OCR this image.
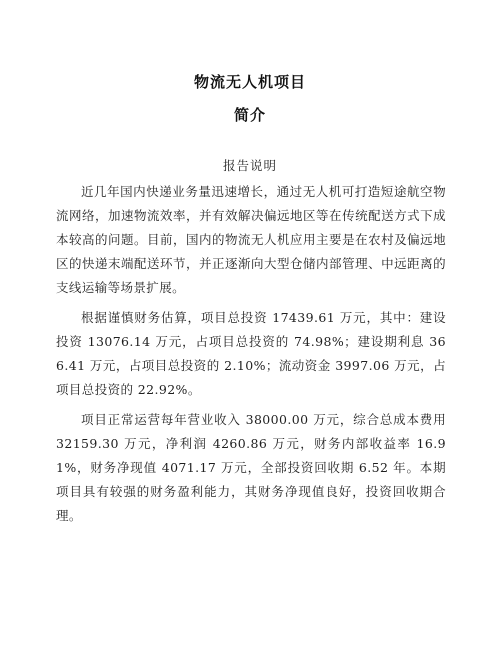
物流无人机项目
简介
报告说明

近几年国内快递业务量迅速增长，通过无人机可打造短途航空物流网络，加速物流效率，并有效解决偏远地区等在传统配送方式下成本较高的问题。目前，国内的物流无人机应用主要是在农村及偏远地区的快递末端配送环节，并正逐渐向大型仓储内部管理、中远距离的支线运输等场景扩展。

根据谨慎财务估算，项目总投资 17439.61 万元，其中：建设投资 13076.14 万元，占项目总投资的 74.98%；建设期利息 366.41 万元，占项目总投资的 2.10%；流动资金 3997.06 万元，占项目总投资的 22.92%。

项目正常运营每年营业收入 38000.00 万元，综合总成本费用 32159.30 万元，净利润 4260.86 万元，财务内部收益率 16.91%，财务净现值 4071.17 万元，全部投资回收期 6.52 年。本期项目具有较强的财务盈利能力，其财务净现值良好，投资回收期合理。
